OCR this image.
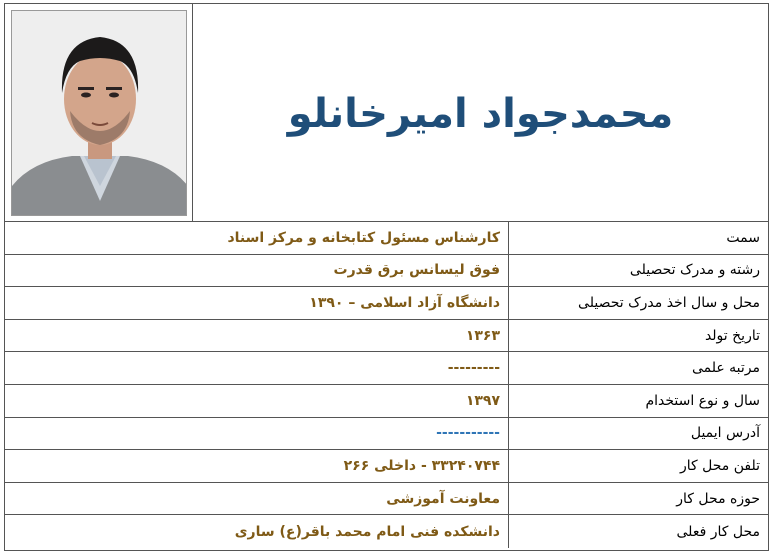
محمدجواد امیرخانلو
سمت
کارشناس مسئول کتابخانه و مرکز اسناد
رشته و مدرک تحصیلی
فوق لیسانس برق قدرت
محل و سال اخذ مدرک تحصیلی
دانشگاه آزاد اسلامی – ۱۳۹۰
تاریخ تولد
۱۳۶۳
مرتبه علمی
---------
سال و نوع استخدام
۱۳۹۷
آدرس ایمیل
-----------
تلفن محل کار
۳۳۲۴۰۷۴۴ - داخلی ۲۶۶
حوزه محل کار
معاونت آموزشی
محل کار فعلی
دانشکده فنی امام محمد باقر(ع) ساری
